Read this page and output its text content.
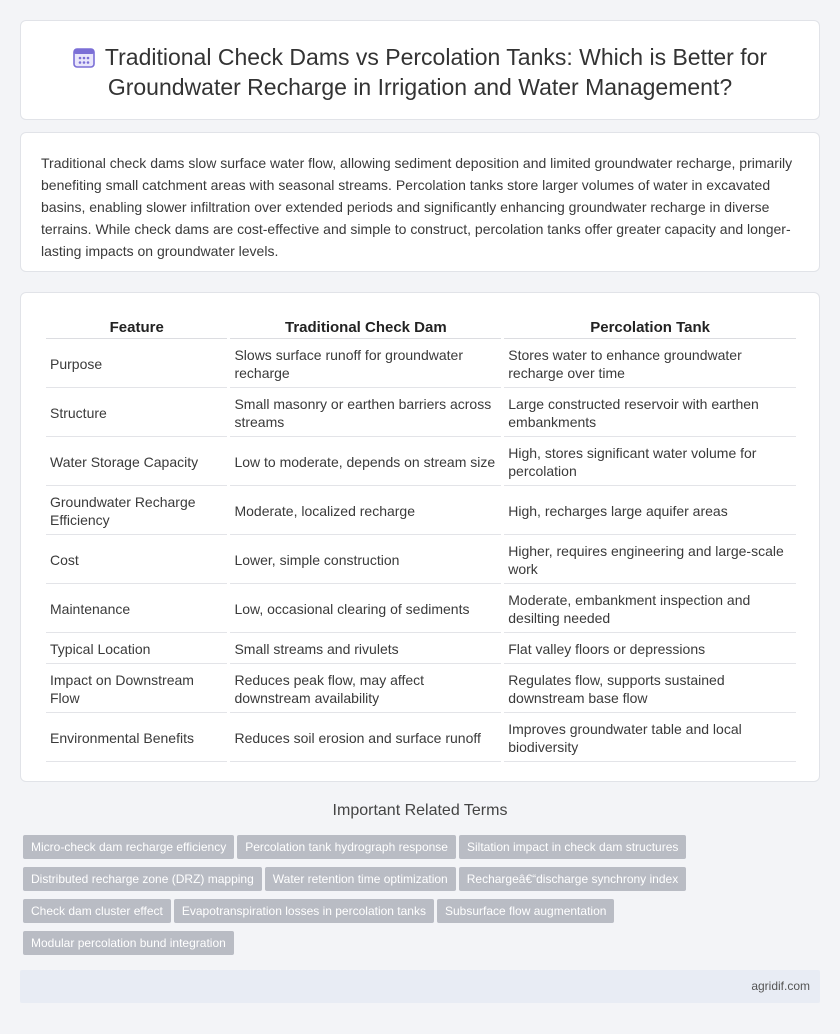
Traditional Check Dams vs Percolation Tanks: Which is Better for Groundwater Recharge in Irrigation and Water Management?

Traditional check dams slow surface water flow, allowing sediment deposition and limited groundwater recharge, primarily benefiting small catchment areas with seasonal streams. Percolation tanks store larger volumes of water in excavated basins, enabling slower infiltration over extended periods and significantly enhancing groundwater recharge in diverse terrains. While check dams are cost-effective and simple to construct, percolation tanks offer greater capacity and longer-lasting impacts on groundwater levels.

Feature	Traditional Check Dam	Percolation Tank
Purpose	Slows surface runoff for groundwater recharge	Stores water to enhance groundwater recharge over time
Structure	Small masonry or earthen barriers across streams	Large constructed reservoir with earthen embankments
Water Storage Capacity	Low to moderate, depends on stream size	High, stores significant water volume for percolation
Groundwater Recharge Efficiency	Moderate, localized recharge	High, recharges large aquifer areas
Cost	Lower, simple construction	Higher, requires engineering and large-scale work
Maintenance	Low, occasional clearing of sediments	Moderate, embankment inspection and desilting needed
Typical Location	Small streams and rivulets	Flat valley floors or depressions
Impact on Downstream Flow	Reduces peak flow, may affect downstream availability	Regulates flow, supports sustained downstream base flow
Environmental Benefits	Reduces soil erosion and surface runoff	Improves groundwater table and local biodiversity
Important Related Terms
Micro-check dam recharge efficiency Percolation tank hydrograph response Siltation impact in check dam structures
Distributed recharge zone (DRZ) mapping Water retention time optimization Rechargeâ€“discharge synchrony index
Check dam cluster effect Evapotranspiration losses in percolation tanks Subsurface flow augmentation
Modular percolation bund integration
agridif.com
